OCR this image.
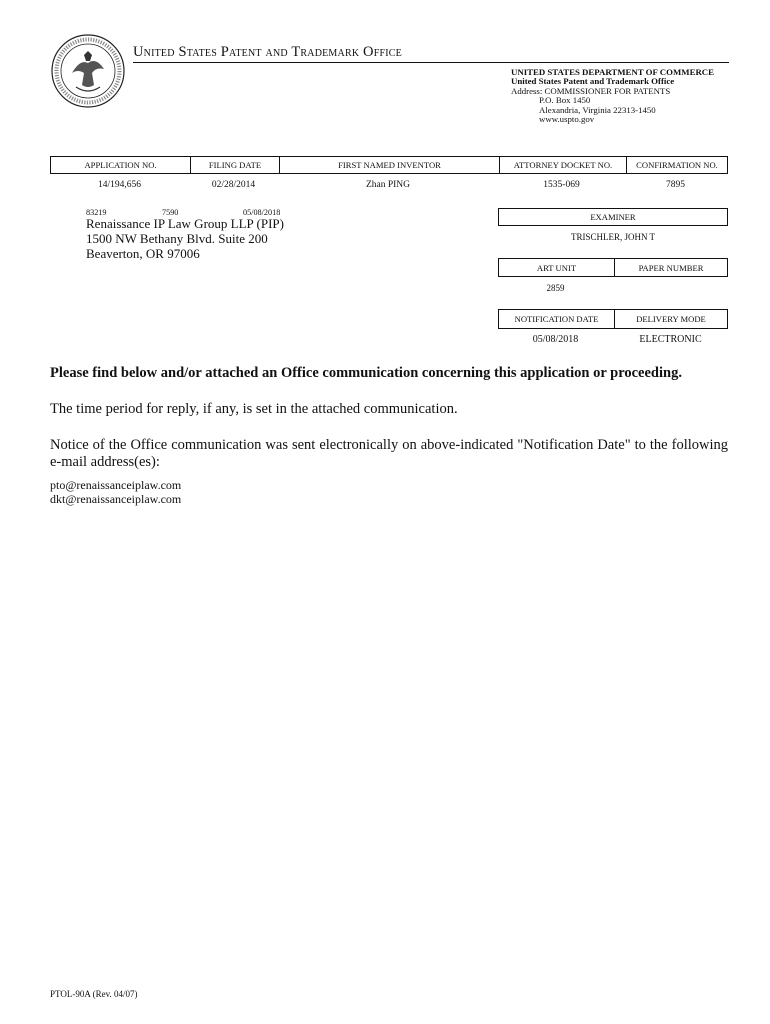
United States Patent and Trademark Office
UNITED STATES DEPARTMENT OF COMMERCE
United States Patent and Trademark Office
Address: COMMISSIONER FOR PATENTS
P.O. Box 1450
Alexandria, Virginia 22313-1450
www.uspto.gov
APPLICATION NO.	FILING DATE	FIRST NAMED INVENTOR	ATTORNEY DOCKET NO.	CONFIRMATION NO.
14/194,656	02/28/2014	Zhan PING	1535-069	7895
83219	7590	05/08/2018
Renaissance IP Law Group LLP (PIP)
1500 NW Bethany Blvd. Suite 200
Beaverton, OR 97006
EXAMINER
TRISCHLER, JOHN T
ART UNIT	PAPER NUMBER
2859
NOTIFICATION DATE	DELIVERY MODE
05/08/2018	ELECTRONIC
Please find below and/or attached an Office communication concerning this application or proceeding.
The time period for reply, if any, is set in the attached communication.
Notice of the Office communication was sent electronically on above-indicated "Notification Date" to the following e-mail address(es):
pto@renaissanceiplaw.com
dkt@renaissanceiplaw.com
PTOL-90A (Rev. 04/07)
